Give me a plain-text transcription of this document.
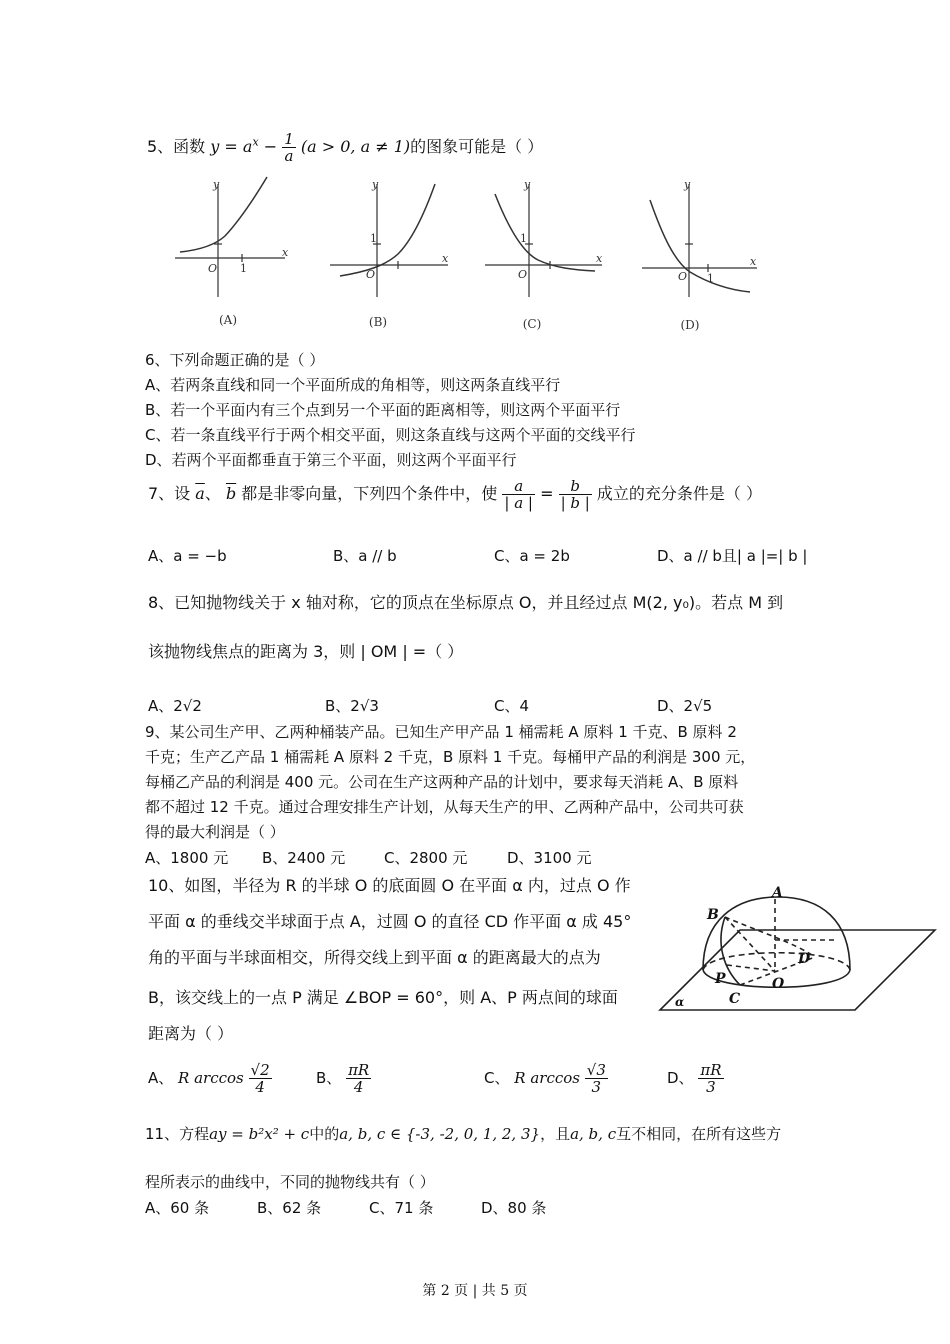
5、函数 $y = a^x - \frac{1}{a} (a > 0$, a ≠ 1)的图象可能是（ ）
y
x
O 1
y
x
O
1
y
x
O
1
y
x
O 1
(A)	(B)	(C)	(D)
6、下列命题正确的是（ ）
A、若两条直线和同一个平面所成的角相等，则这两条直线平行
B、若一个平面内有三个点到另一个平面的距离相等，则这两个平面平行
C、若一条直线平行于两个相交平面，则这条直线与这两个平面的交线平行
D、若两个平面都垂直于第三个平面，则这两个平面平行
7、设 $\overline{a}$、 $\overline{b}$ 都是非零向量，下列四个条件中，使 $\frac{a}{| a |} = \frac{b}{| b |}$ 成立的充分条件是（ ）
A、a = −b	B、a // b	C、a = 2b	D、a // b且| a |=| b |
8、已知抛物线关于 x 轴对称，它的顶点在坐标原点 O，并且经过点 M(2, y₀)。若点 M 到
该抛物线焦点的距离为 3，则 | OM | =（ ）
A、2√2	B、2√3	C、4	D、2√5
9、某公司生产甲、乙两种桶装产品。已知生产甲产品 1 桶需耗 A 原料 1 千克、B 原料 2
千克；生产乙产品 1 桶需耗 A 原料 2 千克，B 原料 1 千克。每桶甲产品的利润是 300 元，
每桶乙产品的利润是 400 元。公司在生产这两种产品的计划中，要求每天消耗 A、B 原料
都不超过 12 千克。通过合理安排生产计划，从每天生产的甲、乙两种产品中，公司共可获
得的最大利润是（ ）
A、1800 元 B、2400 元	C、2800 元	D、3100 元
10、如图，半径为 R 的半球 O 的底面圆 O 在平面 α 内，过点 O 作
平面 α 的垂线交半球面于点 A，过圆 O 的直径 CD 作平面 α 成 45°
角的平面与半球面相交，所得交线上到平面 α 的距离最大的点为
B，该交线上的一点 P 满足 ∠BOP = 60°，则 A、P 两点间的球面
距离为（ ）
A
B
C
D
O
P
α
A、 R $\arccos \frac{√2}{4}$	B、 $\frac{\pi R}{4}$	C、 R $\arccos \frac{√3}{3}$	D、 $\frac{\pi R}{3}$
11、方程ay = b²x² + c中的a, b, c ∈ {-3, -2, 0, 1, 2, 3}，且a, b, c互不相同，在所有这些方
程所表示的曲线中，不同的抛物线共有（ ）
A、60 条	B、62 条	C、71 条	D、80 条
第 2 页 | 共 5 页
